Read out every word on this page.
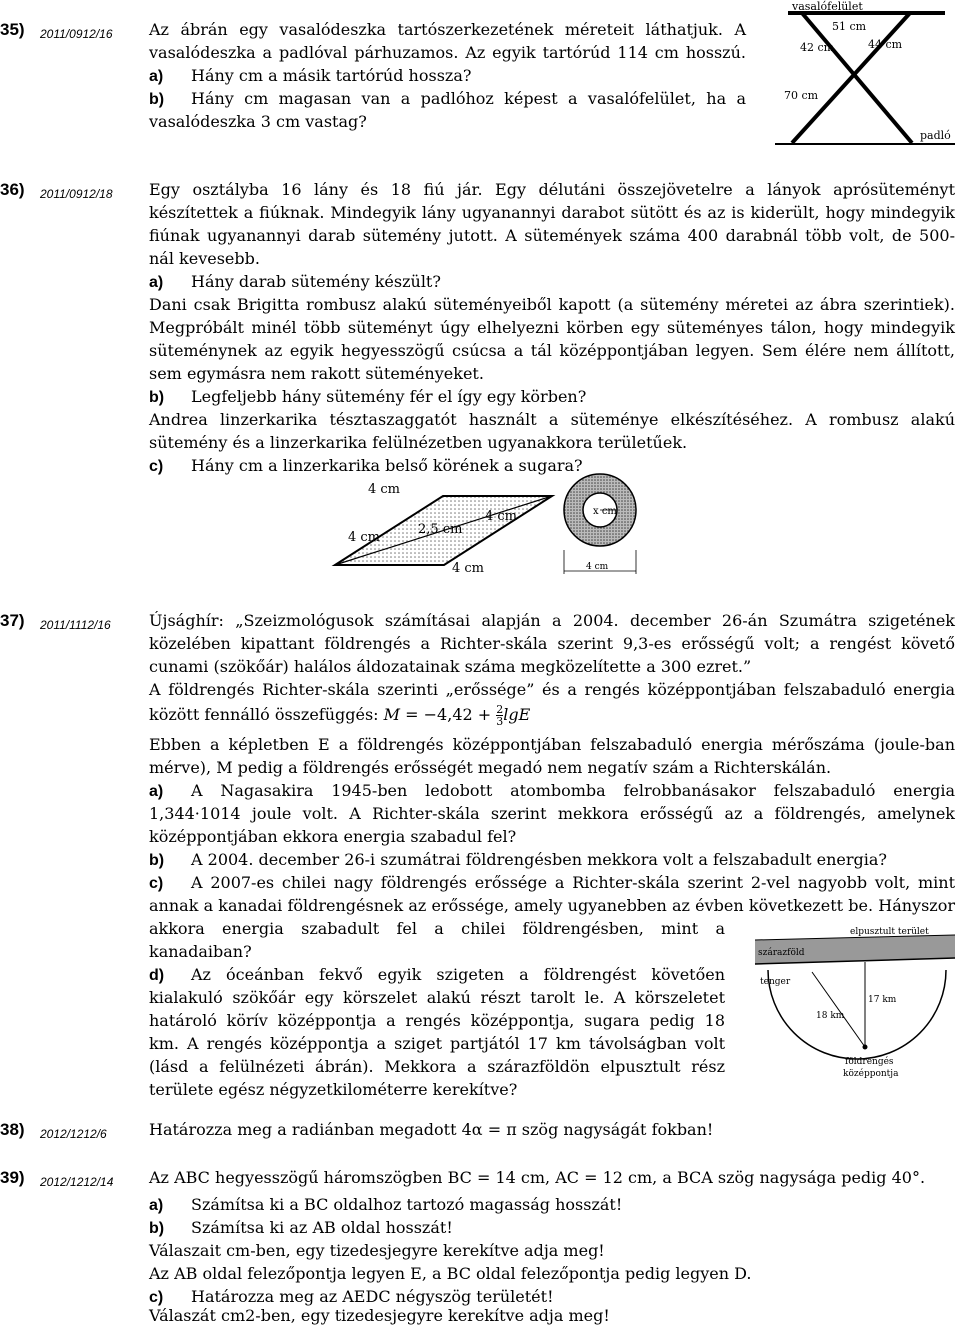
35) 2011/0912/16 Az ábrán egy vasalódeszka tartószerkezetének méreteit láthatjuk. A
vasalódeszka a padlóval párhuzamos. Az egyik tartórúd 114 cm hosszú.
a) Hány cm a másik tartórúd hossza?
b) Hány cm magasan van a padlóhoz képest a vasalófelület, ha a
vasalódeszka 3 cm vastag?
vasalófelület
51 cm
42 cm	44 cm
70 cm
padló
36) 2011/0912/18 Egy osztályba 16 lány és 18 fiú jár. Egy délutáni összejövetelre a lányok aprósüteményt
készítettek a fiúknak. Mindegyik lány ugyanannyi darabot sütött és az is kiderült, hogy mindegyik
fiúnak ugyanannyi darab sütemény jutott. A sütemények száma 400 darabnál több volt, de 500-
nál kevesebb.
a) Hány darab sütemény készült?
Dani csak Brigitta rombusz alakú süteményeiből kapott (a sütemény méretei az ábra szerintiek).
Megpróbált minél több süteményt úgy elhelyezni körben egy süteményes tálon, hogy mindegyik
süteménynek az egyik hegyesszögű csúcsa a tál középpontjában legyen. Sem élére nem állított,
sem egymásra nem rakott süteményeket.
b) Legfeljebb hány sütemény fér el így egy körben?
Andrea linzerkarika tésztaszaggatót használt a süteménye elkészítéséhez. A rombusz alakú
sütemény és a linzerkarika felülnézetben ugyanakkora területűek.
c) Hány cm a linzerkarika belső körének a sugara?
4 cm
2,5 cm
4 cm
4 cm
4 cm
x cm
4 cm
37) 2011/1112/16 Újsághír: „Szeizmológusok számításai alapján a 2004. december 26-án Szumátra szigetének
közelében kipattant földrengés a Richter-skála szerint 9,3-es erősségű volt; a rengést követő
cunami (szökőár) halálos áldozatainak száma megközelítette a 300 ezret.”
A földrengés Richter-skála szerinti „erőssége” és a rengés középpontjában felszabaduló energia
között fennálló összefüggés: $M = -4,42 + \frac{2}{3}$ lgE
Ebben a képletben E a földrengés középpontjában felszabaduló energia mérőszáma (joule-ban
mérve), M pedig a földrengés erősségét megadó nem negatív szám a Richterskálán.
a) A Nagasakira 1945-ben ledobott atombomba felrobbanásakor felszabaduló energia
1,344·1014 joule volt. A Richter-skála szerint mekkora erősségű az a földrengés, amelynek
középpontjában ekkora energia szabadul fel?
b) A 2004. december 26-i szumátrai földrengésben mekkora volt a felszabadult energia?
c) A 2007-es chilei nagy földrengés erőssége a Richter-skála szerint 2-vel nagyobb volt, mint
annak a kanadai földrengésnek az erőssége, amely ugyanebben az évben következett be. Hányszor
akkora energia szabadult fel a chilei földrengésben, mint a
kanadaiban?
d) Az óceánban fekvő egyik szigeten a földrengést követően
kialakuló szökőár egy körszelet alakú részt tarolt le. A körszeletet
határoló körív középpontja a rengés középpontja, sugara pedig 18
km. A rengés középpontja a sziget partjától 17 km távolságban volt
(lásd a felülnézeti ábrán). Mekkora a szárazföldön elpusztult rész
területe egész négyzetkilométerre kerekítve?
elpusztult terület
szárazföld
tenger
18 km
17 km
földrengés
középpontja
38) 2012/1212/6	Határozza meg a radiánban megadott 4α = π szög nagyságát fokban!
39) 2012/1212/14 Az ABC hegyesszögű háromszögben BC = 14 cm, AC = 12 cm, a BCA szög nagysága pedig 40°.
a) Számítsa ki a BC oldalhoz tartozó magasság hosszát!
b) Számítsa ki az AB oldal hosszát!
Válaszait cm-ben, egy tizedesjegyre kerekítve adja meg!
Az AB oldal felezőpontja legyen E, a BC oldal felezőpontja pedig legyen D.
c) Határozza meg az AEDC négyszög területét!
Válaszát cm2-ben, egy tizedesjegyre kerekítve adja meg!
